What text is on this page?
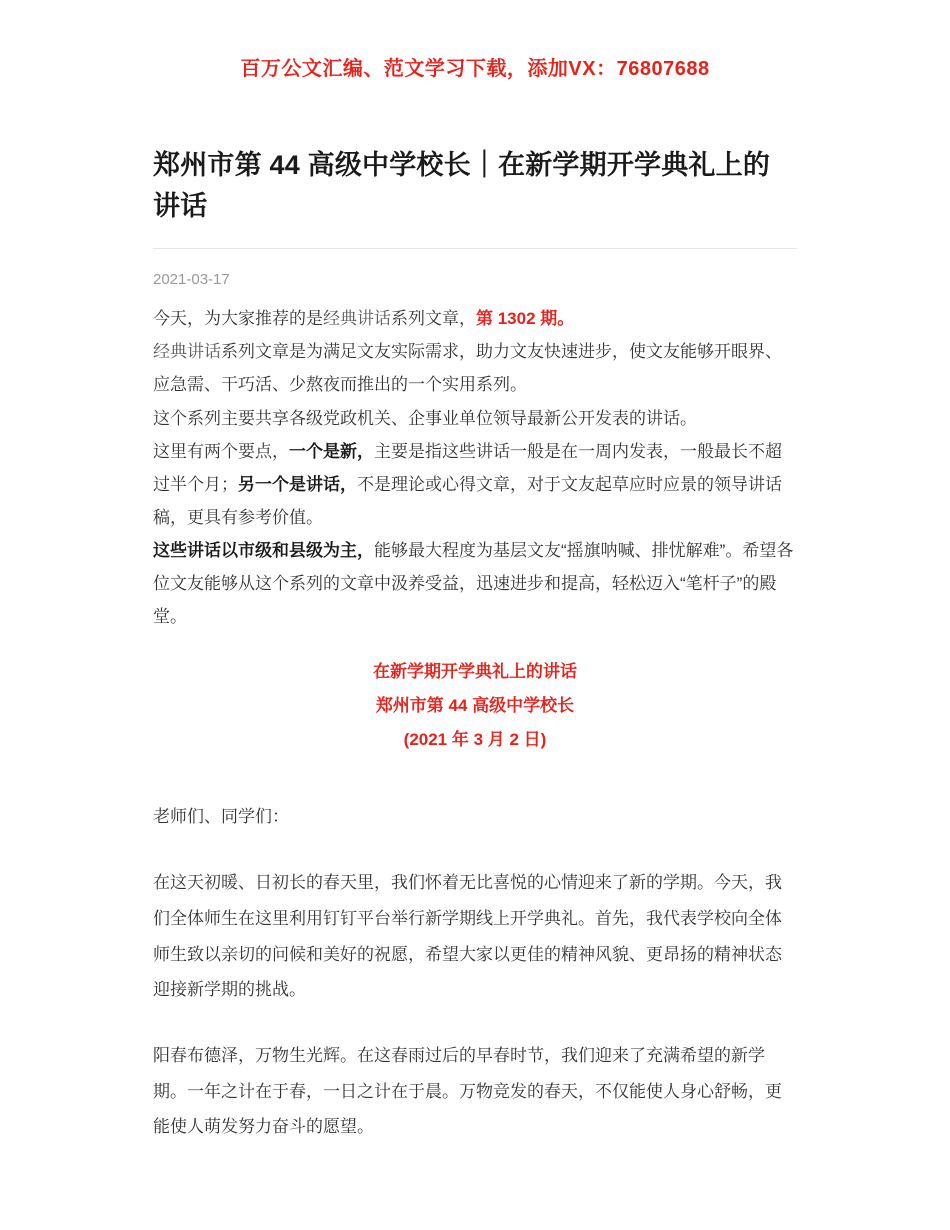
百万公文汇编、范文学习下载，添加VX：76807688
郑州市第 44 高级中学校长｜在新学期开学典礼上的讲话
2021-03-17

今天，为大家推荐的是经典讲话系列文章，第 1302 期。

经典讲话系列文章是为满足文友实际需求，助力文友快速进步，使文友能够开眼界、应急需、干巧活、少熬夜而推出的一个实用系列。

这个系列主要共享各级党政机关、企事业单位领导最新公开发表的讲话。

这里有两个要点，一个是新，主要是指这些讲话一般是在一周内发表，一般最长不超过半个月；另一个是讲话，不是理论或心得文章，对于文友起草应时应景的领导讲话稿，更具有参考价值。

这些讲话以市级和县级为主，能够最大程度为基层文友“摇旗呐喊、排忧解难”。希望各位文友能够从这个系列的文章中汲养受益，迅速进步和提高，轻松迈入“笔杆子”的殿堂。

在新学期开学典礼上的讲话

郑州市第 44 高级中学校长

(2021 年 3 月 2 日)

老师们、同学们：

在这天初暖、日初长的春天里，我们怀着无比喜悦的心情迎来了新的学期。今天，我们全体师生在这里利用钉钉平台举行新学期线上开学典礼。首先，我代表学校向全体师生致以亲切的问候和美好的祝愿，希望大家以更佳的精神风貌、更昂扬的精神状态迎接新学期的挑战。

阳春布德泽，万物生光辉。在这春雨过后的早春时节，我们迎来了充满希望的新学期。一年之计在于春，一日之计在于晨。万物竞发的春天，不仅能使人身心舒畅，更能使人萌发努力奋斗的愿望。
